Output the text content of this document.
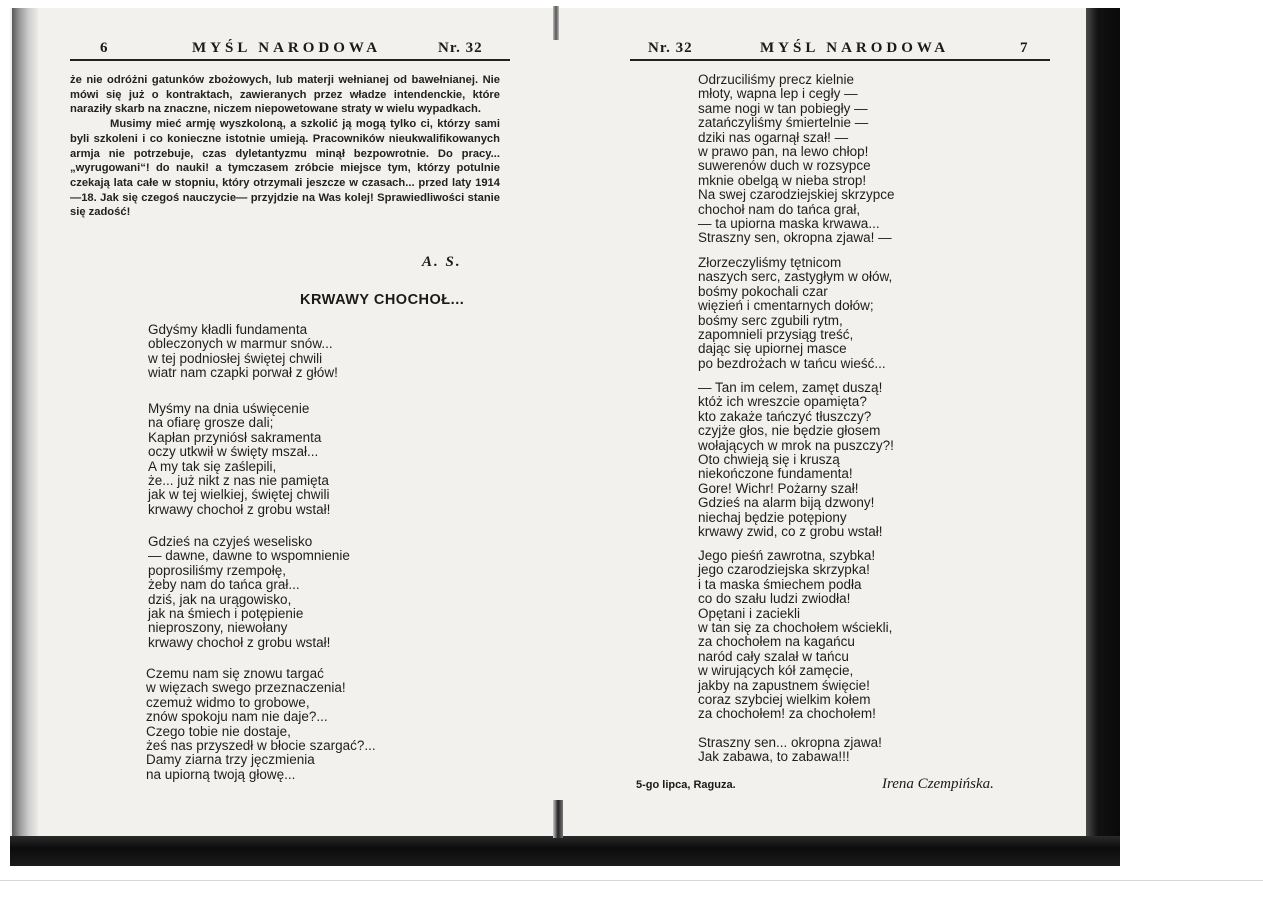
6	MYŚL NARODOWA	Nr. 32

że nie odróżni gatunków zbożowych, lub materji wełnianej od bawełnianej. Nie mówi się już o kontraktach, zawieranych przez władze intendenckie, które naraziły skarb na znaczne, niczem niepowetowane straty w wielu wypadkach.

Musimy mieć armję wyszkoloną, a szkolić ją mogą tylko ci, którzy sami byli szkoleni i co konieczne istotnie umieją. Pracowników nieukwalifikowanych armja nie potrzebuje, czas dyletantyzmu minął bezpowrotnie. Do pracy... „wyrugowani“! do nauki! a tymczasem zróbcie miejsce tym, którzy potulnie czekają lata całe w stopniu, który otrzymali jeszcze w czasach... przed laty 1914—18. Jak się czegoś nauczycie— przyjdzie na Was kolej! Sprawiedliwości stanie się zadość!

A. S.
KRWAWY CHOCHOŁ...
Gdyśmy kładli fundamenta
obleczonych w marmur snów...
w tej podniosłej świętej chwili
wiatr nam czapki porwał z głów!
Myśmy na dnia uświęcenie
na ofiarę grosze dali;
Kapłan przyniósł sakramenta
oczy utkwił w święty mszał...
A my tak się zaślepili,
że... już nikt z nas nie pamięta
jak w tej wielkiej, świętej chwili
krwawy chochoł z grobu wstał!
Gdzieś na czyjeś weselisko
— dawne, dawne to wspomnienie
poprosiliśmy rzempołę,
żeby nam do tańca grał...
dziś, jak na urągowisko,
jak na śmiech i potępienie
nieproszony, niewołany
krwawy chochoł z grobu wstał!
Czemu nam się znowu targać
w więzach swego przeznaczenia!
czemuż widmo to grobowe,
znów spokoju nam nie daje?...
Czego tobie nie dostaje,
żeś nas przyszedł w błocie szargać?...
Damy ziarna trzy jęczmienia
na upiorną twoją głowę...
Nr. 32	MYŚL NARODOWA	7
Odrzuciliśmy precz kielnie
młoty, wapna lep i cegły —
same nogi w tan pobiegły —
zatańczyliśmy śmiertelnie —
dziki nas ogarnął szał! —
w prawo pan, na lewo chłop!
suwerenów duch w rozsypce
mknie obelgą w nieba strop!
Na swej czarodziejskiej skrzypce
chochoł nam do tańca grał,
— ta upiorna maska krwawa...
Straszny sen, okropna zjawa! —
Złorzeczyliśmy tętnicom
naszych serc, zastygłym w ołów,
bośmy pokochali czar
więzień i cmentarnych dołów;
bośmy serc zgubili rytm,
zapomnieli przysiąg treść,
dając się upiornej masce
po bezdrożach w tańcu wieść...
— Tan im celem, zamęt duszą!
któż ich wreszcie opamięta?
kto zakaże tańczyć tłuszczy?
czyjże głos, nie będzie głosem
wołających w mrok na puszczy?!
Oto chwieją się i kruszą
niekończone fundamenta!
Gore! Wichr! Pożarny szał!
Gdzieś na alarm biją dzwony!
niechaj będzie potępiony
krwawy zwid, co z grobu wstał!
Jego pieśń zawrotna, szybka!
jego czarodziejska skrzypka!
i ta maska śmiechem podła
co do szału ludzi zwiodła!
Opętani i zaciekli
w tan się za chochołem wściekli,
za chochołem na kagańcu
naród cały szalał w tańcu
w wirujących kół zamęcie,
jakby na zapustnem święcie!
coraz szybciej wielkim kołem
za chochołem! za chochołem!
Straszny sen... okropna zjawa!
Jak zabawa, to zabawa!!!
5-go lipca, Raguza.	Irena Czempińska.
